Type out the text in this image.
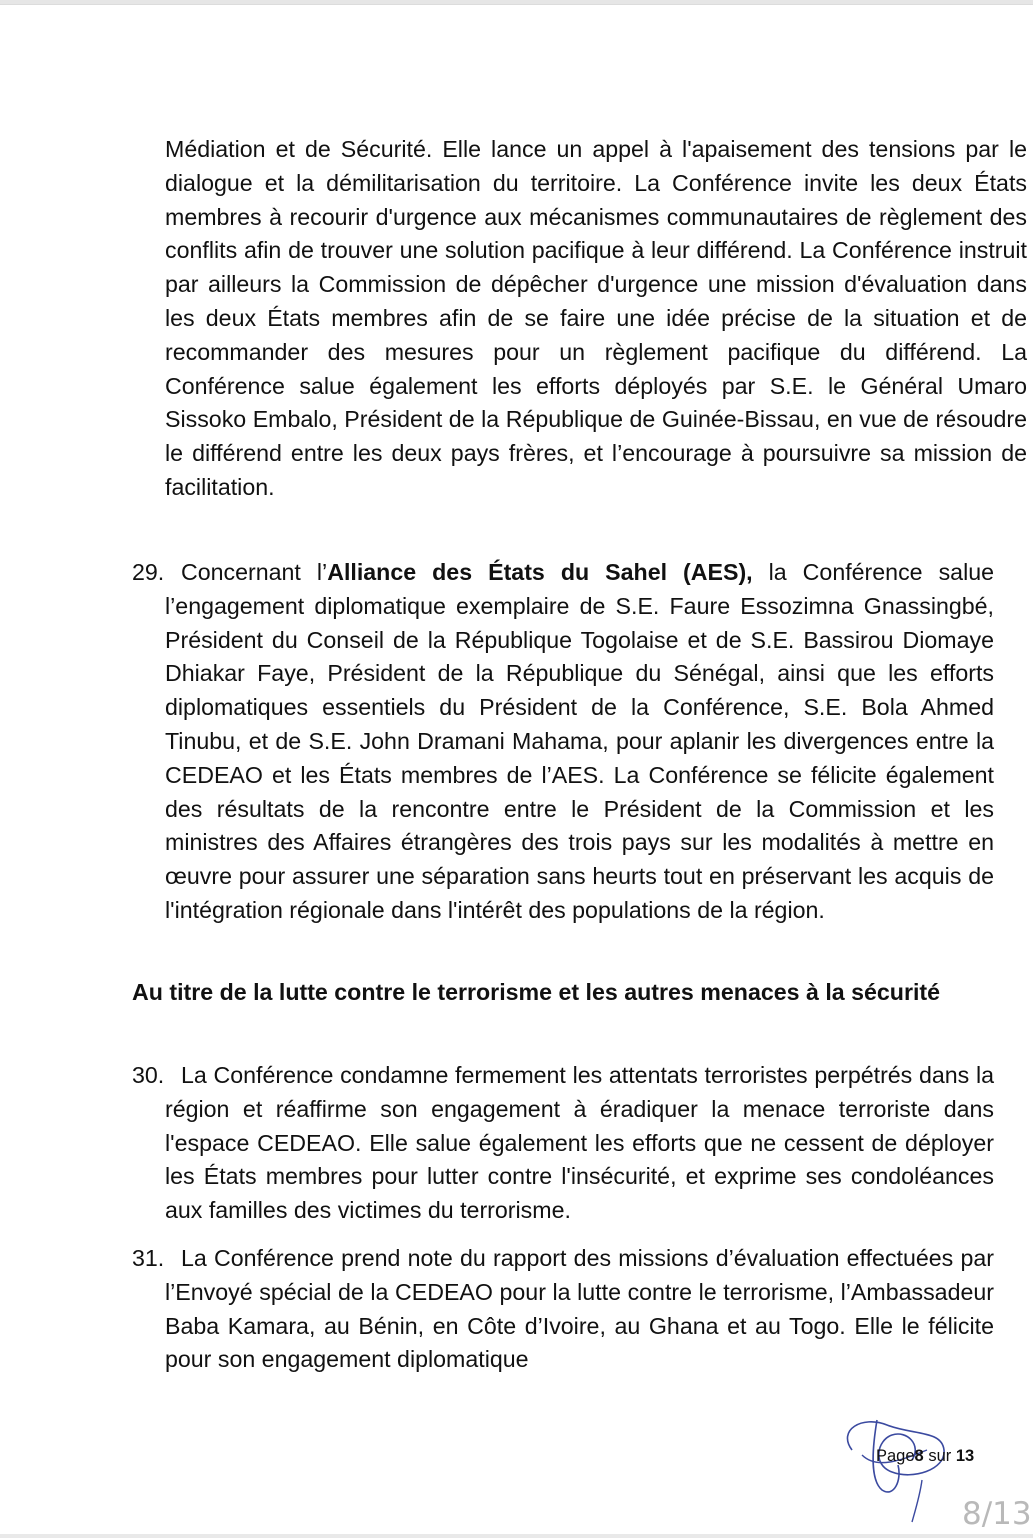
Médiation et de Sécurité. Elle lance un appel à l'apaisement des tensions par le dialogue et la démilitarisation du territoire. La Conférence invite les deux États membres à recourir d'urgence aux mécanismes communautaires de règlement des conflits afin de trouver une solution pacifique à leur différend. La Conférence instruit par ailleurs la Commission de dépêcher d'urgence une mission d'évaluation dans les deux États membres afin de se faire une idée précise de la situation et de recommander des mesures pour un règlement pacifique du différend. La Conférence salue également les efforts déployés par S.E. le Général Umaro Sissoko Embalo, Président de la République de Guinée-Bissau, en vue de résoudre le différend entre les deux pays frères, et l’encourage à poursuivre sa mission de facilitation.
29. Concernant l’Alliance des États du Sahel (AES), la Conférence salue l’engagement diplomatique exemplaire de S.E. Faure Essozimna Gnassingbé, Président du Conseil de la République Togolaise et de S.E. Bassirou Diomaye Dhiakar Faye, Président de la République du Sénégal, ainsi que les efforts diplomatiques essentiels du Président de la Conférence, S.E. Bola Ahmed Tinubu, et de S.E. John Dramani Mahama, pour aplanir les divergences entre la CEDEAO et les États membres de l’AES. La Conférence se félicite également des résultats de la rencontre entre le Président de la Commission et les ministres des Affaires étrangères des trois pays sur les modalités à mettre en œuvre pour assurer une séparation sans heurts tout en préservant les acquis de l'intégration régionale dans l'intérêt des populations de la région.
Au titre de la lutte contre le terrorisme et les autres menaces à la sécurité
30. La Conférence condamne fermement les attentats terroristes perpétrés dans la région et réaffirme son engagement à éradiquer la menace terroriste dans l'espace CEDEAO. Elle salue également les efforts que ne cessent de déployer les États membres pour lutter contre l'insécurité, et exprime ses condoléances aux familles des victimes du terrorisme.
31. La Conférence prend note du rapport des missions d’évaluation effectuées par l’Envoyé spécial de la CEDEAO pour la lutte contre le terrorisme, l’Ambassadeur Baba Kamara, au Bénin, en Côte d’Ivoire, au Ghana et au Togo. Elle le félicite pour son engagement diplomatique
Page8 sur 13
8/13
